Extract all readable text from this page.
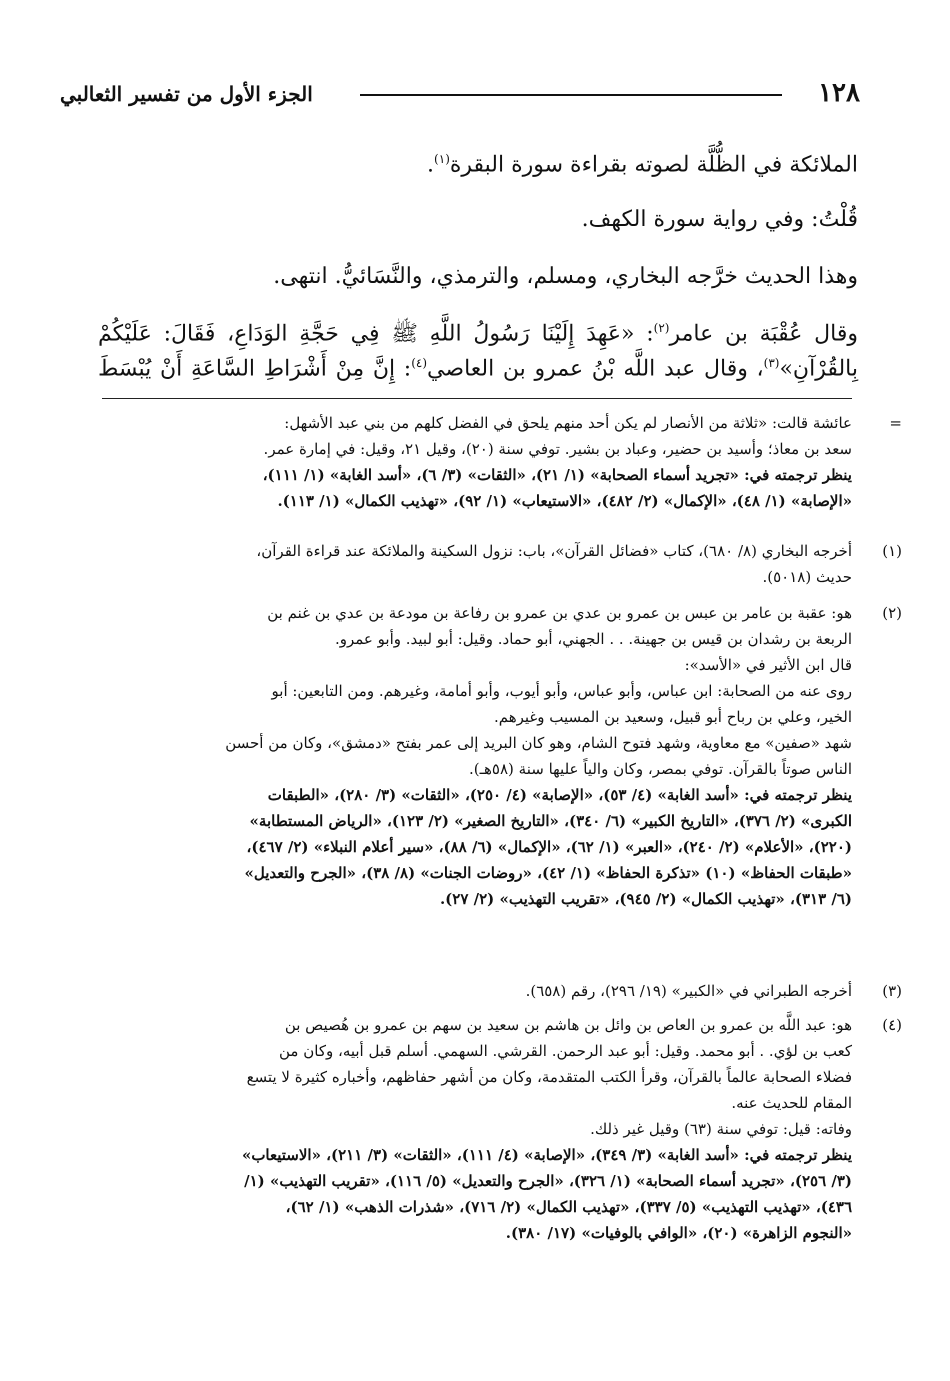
١٢٨
الجزء الأول من تفسير الثعالبي
الملائكة في الظُّلَّة لصوته بقراءة سورة البقرة$^{(١)}$.
قُلْتُ: وفي رواية سورة الكهف.
وهذا الحديث خرَّجه البخاري، ومسلم، والترمذي، والنَّسَائيُّ. انتهى.
وقال عُقْبَة بن عامر$^{(٢)}$: «عَهِدَ إِلَيْنَا رَسُولُ اللَّهِ ﷺ فِي حَجَّةِ الوَدَاعِ، فَقَالَ: عَلَيْكُمْ
بِالقُرْآنِ»$^{(٣)}$، وقال عبد اللَّه بْنُ عمرو بن العاصي$^{(٤)}$: إِنَّ مِنْ أَشْرَاطِ السَّاعَةِ أَنْ يُبْسَطَ
=

عائشة قالت: «ثلاثة من الأنصار لم يكن أحد منهم يلحق في الفضل كلهم من بني عبد الأشهل:

سعد بن معاذ؛ وأسيد بن حضير، وعباد بن بشير. توفي سنة (٢٠)، وقيل ٢١، وقيل: في إمارة عمر.

ينظر ترجمته في: «تجريد أسماء الصحابة» (١/ ٢١)، «الثقات» (٣/ ٦)، «أسد الغابة» (١/ ١١١)،

«الإصابة» (١/ ٤٨)، «الإكمال» (٢/ ٤٨٢)، «الاستيعاب» (١/ ٩٢)، «تهذيب الكمال» (١/ ١١٣).

(١)

أخرجه البخاري (٨/ ٦٨٠)، كتاب «فضائل القرآن»، باب: نزول السكينة والملائكة عند قراءة القرآن،

حديث (٥٠١٨).

(٢)

هو: عقبة بن عامر بن عبس بن عمرو بن عدي بن عمرو بن رفاعة بن مودعة بن عدي بن غنم بن

الربعة بن رشدان بن قيس بن جهينة. . . الجهني، أبو حماد. وقيل: أبو لبيد. وأبو عمرو.

قال ابن الأثير في «الأسد»:

روى عنه من الصحابة: ابن عباس، وأبو عباس، وأبو أيوب، وأبو أمامة، وغيرهم. ومن التابعين: أبو

الخير، وعلي بن رباح أبو قبيل، وسعيد بن المسيب وغيرهم.

شهد «صفين» مع معاوية، وشهد فتوح الشام، وهو كان البريد إلى عمر بفتح «دمشق»، وكان من أحسن

الناس صوتاً بالقرآن. توفي بمصر، وكان والياً عليها سنة (٥٨هـ).

ينظر ترجمته في: «أسد الغابة» (٤/ ٥٣)، «الإصابة» (٤/ ٢٥٠)، «الثقات» (٣/ ٢٨٠)، «الطبقات

الكبرى» (٢/ ٣٧٦)، «التاريخ الكبير» (٦/ ٣٤٠)، «التاريخ الصغير» (٢/ ١٢٣)، «الرياض المستطابة»

(٢٢٠)، «الأعلام» (٢/ ٢٤٠)، «العبر» (١/ ٦٢)، «الإكمال» (٦/ ٨٨)، «سير أعلام النبلاء» (٢/ ٤٦٧)،

«طبقات الحفاظ» (١٠) «تذكرة الحفاظ» (١/ ٤٢)، «روضات الجنات» (٨/ ٣٨)، «الجرح والتعديل»

(٦/ ٣١٣)، «تهذيب الكمال» (٢/ ٩٤٥)، «تقريب التهذيب» (٢/ ٢٧).

(٣)

أخرجه الطبراني في «الكبير» (١٩/ ٢٩٦)، رقم (٦٥٨).

(٤)

هو: عبد اللَّه بن عمرو بن العاص بن وائل بن هاشم بن سعيد بن سهم بن عمرو بن هُصيص بن

كعب بن لؤي. . أبو محمد. وقيل: أبو عبد الرحمن. القرشي. السهمي. أسلم قبل أبيه، وكان من

فضلاء الصحابة عالماً بالقرآن، وقرأ الكتب المتقدمة، وكان من أشهر حفاظهم، وأخباره كثيرة لا يتسع

المقام للحديث عنه.

وفاته: قيل: توفي سنة (٦٣) وقيل غير ذلك.

ينظر ترجمته في: «أسد الغابة» (٣/ ٣٤٩)، «الإصابة» (٤/ ١١١)، «الثقات» (٣/ ٢١١)، «الاستيعاب»

(٣/ ٢٥٦)، «تجريد أسماء الصحابة» (١/ ٣٢٦)، «الجرح والتعديل» (٥/ ١١٦)، «تقريب التهذيب» (١/

٤٣٦)، «تهذيب التهذيب» (٥/ ٣٣٧)، «تهذيب الكمال» (٢/ ٧١٦)، «شذرات الذهب» (١/ ٦٢)،

«النجوم الزاهرة» (٢٠)، «الوافي بالوفيات» (١٧/ ٣٨٠).
